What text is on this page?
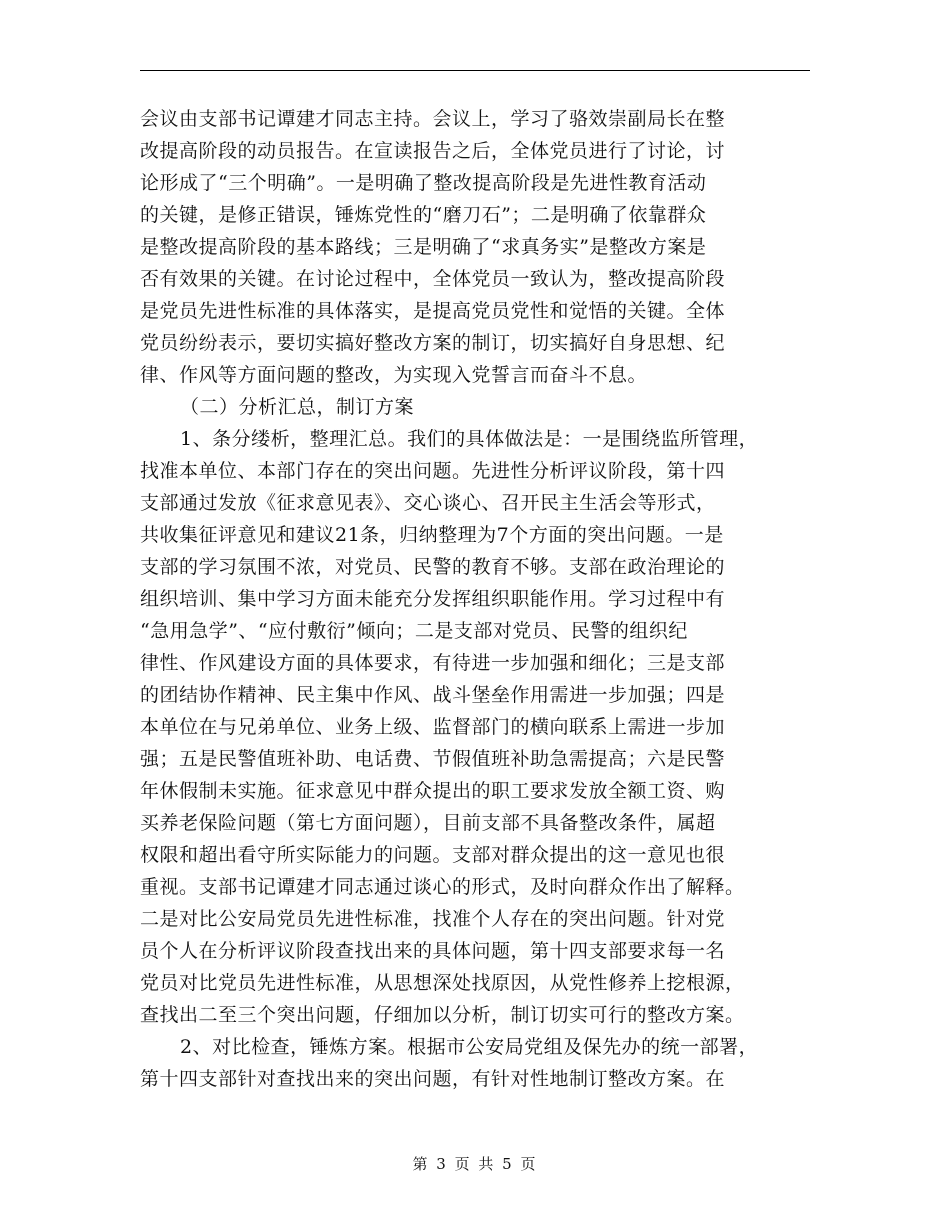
会议由支部书记谭建才同志主持。会议上，学习了骆效崇副局长在整
改提高阶段的动员报告。在宣读报告之后，全体党员进行了讨论，讨
论形成了“三个明确”。一是明确了整改提高阶段是先进性教育活动
的关键，是修正错误，锤炼党性的“磨刀石”；二是明确了依靠群众
是整改提高阶段的基本路线；三是明确了“求真务实”是整改方案是
否有效果的关键。在讨论过程中，全体党员一致认为，整改提高阶段
是党员先进性标准的具体落实，是提高党员党性和觉悟的关键。全体
党员纷纷表示，要切实搞好整改方案的制订，切实搞好自身思想、纪
律、作风等方面问题的整改，为实现入党誓言而奋斗不息。
（二）分析汇总，制订方案
1、条分缕析，整理汇总。我们的具体做法是：一是围绕监所管理，
找准本单位、本部门存在的突出问题。先进性分析评议阶段，第十四
支部通过发放《征求意见表》、交心谈心、召开民主生活会等形式，
共收集征评意见和建议21条，归纳整理为7个方面的突出问题。一是
支部的学习氛围不浓，对党员、民警的教育不够。支部在政治理论的
组织培训、集中学习方面未能充分发挥组织职能作用。学习过程中有
“急用急学”、“应付敷衍”倾向；二是支部对党员、民警的组织纪
律性、作风建设方面的具体要求，有待进一步加强和细化；三是支部
的团结协作精神、民主集中作风、战斗堡垒作用需进一步加强；四是
本单位在与兄弟单位、业务上级、监督部门的横向联系上需进一步加
强；五是民警值班补助、电话费、节假值班补助急需提高；六是民警
年休假制未实施。征求意见中群众提出的职工要求发放全额工资、购
买养老保险问题（第七方面问题），目前支部不具备整改条件，属超
权限和超出看守所实际能力的问题。支部对群众提出的这一意见也很
重视。支部书记谭建才同志通过谈心的形式，及时向群众作出了解释。
二是对比公安局党员先进性标准，找准个人存在的突出问题。针对党
员个人在分析评议阶段查找出来的具体问题，第十四支部要求每一名
党员对比党员先进性标准，从思想深处找原因，从党性修养上挖根源，
查找出二至三个突出问题，仔细加以分析，制订切实可行的整改方案。
2、对比检查，锤炼方案。根据市公安局党组及保先办的统一部署，
第十四支部针对查找出来的突出问题，有针对性地制订整改方案。在
第 3 页 共 5 页
